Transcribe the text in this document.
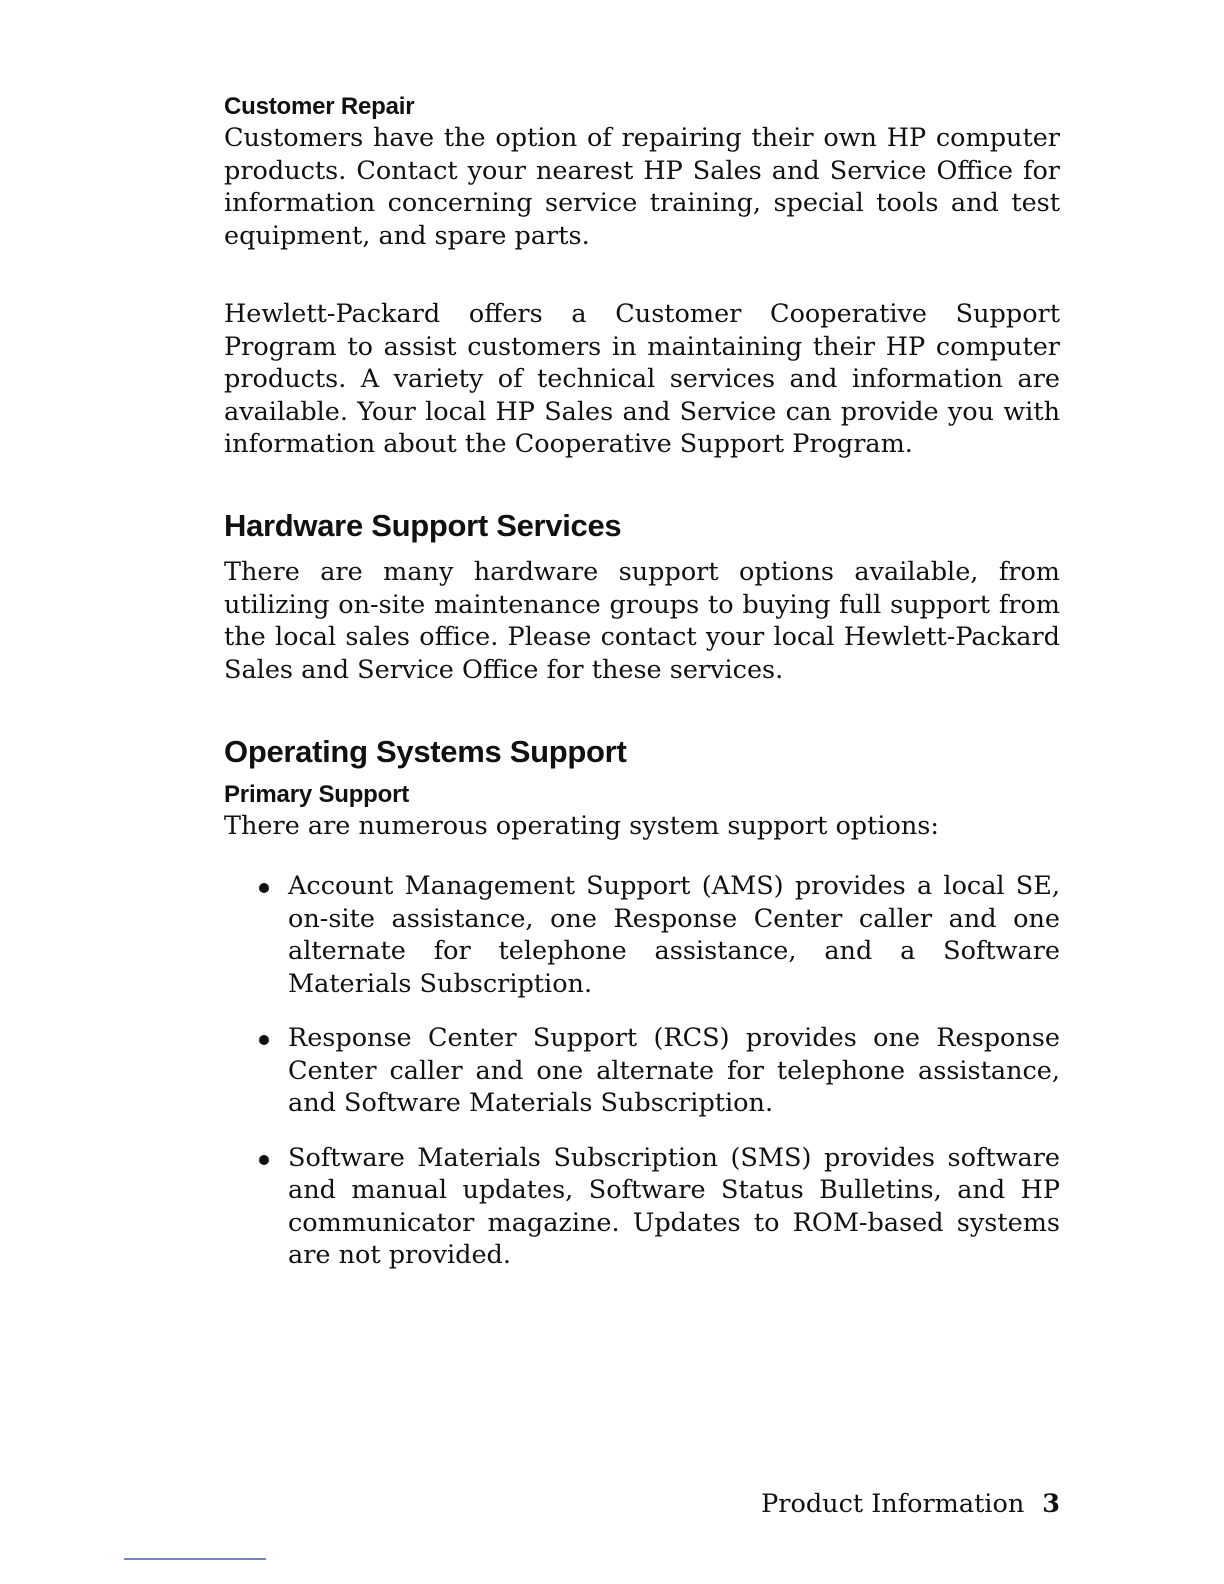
Customer Repair

Customers have the option of repairing their own HP computer products. Contact your nearest HP Sales and Service Office for information concerning service training, special tools and test equipment, and spare parts.

Hewlett-Packard offers a Customer Cooperative Support Program to assist customers in maintaining their HP computer products. A variety of technical services and information are available. Your local HP Sales and Service can provide you with information about the Cooperative Support Program.

Hardware Support Services

There are many hardware support options available, from utilizing on-site maintenance groups to buying full support from the local sales office. Please contact your local Hewlett-Packard Sales and Service Office for these services.

Operating Systems Support
Primary Support

There are numerous operating system support options:

Account Management Support (AMS) provides a local SE, on-site assistance, one Response Center caller and one alternate for telephone assistance, and a Software Materials Subscription.

Response Center Support (RCS) provides one Response Center caller and one alternate for telephone assistance, and Software Materials Subscription.

Software Materials Subscription (SMS) provides software and manual updates, Software Status Bulletins, and HP communicator magazine. Updates to ROM-based systems are not provided.

Product Information 3
